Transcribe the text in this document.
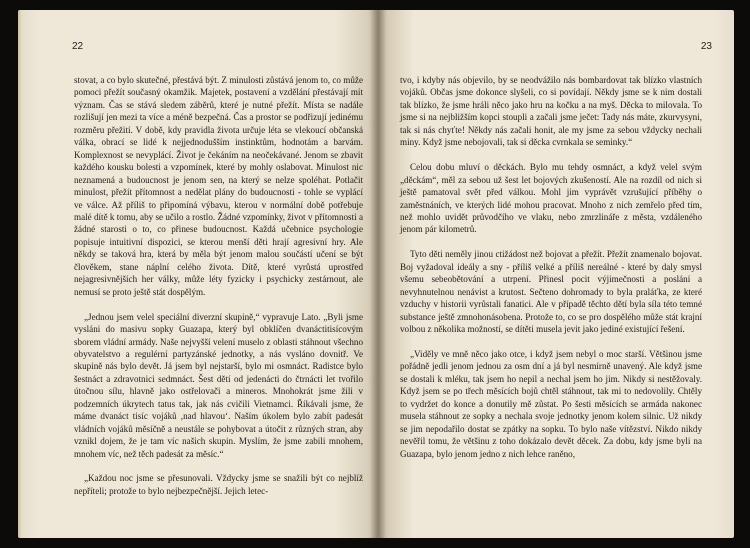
22

stovat, a co bylo skutečné, přestává být. Z minulosti zůstává jenom to, co může pomoci přežít současný okamžik. Majetek, postavení a vzdělání přestávají mít význam. Čas se stává sledem záběrů, které je nutné přežít. Místa se nadále rozlišují jen mezi ta více a méně bezpečná. Čas a prostor se podřizují jedinému rozměru přežití. V době, kdy pravidla života určuje léta se vlekoucí občanská válka, obrací se lidé k nejjednodušším instinktům, hodnotám a barvám. Komplexnost se nevyplácí. Život je čekáním na neočekávané. Jenom se zbavit každého kousku bolesti a vzpomínek, které by mohly oslabovat. Minulost nic neznamená a budoucnost je jenom sen, na který se nelze spoléhat. Potlačit minulost, přežít přítomnost a nedělat plány do budoucnosti - tohle se vyplácí ve válce. Až příliš to připomíná výbavu, kterou v normální době potřebuje malé dítě k tomu, aby se učilo a rostlo. Žádné vzpomínky, život v přítomnosti a žádné starosti o to, co přinese budoucnost. Každá učebnice psychologie popisuje intuitivní dispozici, se kterou menší děti hrají agresivní hry. Ale někdy se taková hra, která by měla být jenom malou součástí učení se být člověkem, stane náplní celého života. Dítě, které vyrůstá uprostřed nejagresivnějších her války, může léty fyzicky i psychicky zestárnout, ale nemusí se proto ještě stát dospělým.

„Jednou jsem velel speciální diverzní skupině,“ vypravuje Lato. „Byli jsme vysláni do masivu sopky Guazapa, který byl obklíčen dvanáctitisícovým sborem vládní armády. Naše nejvyšší velení muselo z oblasti stáhnout všechno obyvatelstvo a regulérní partyzánské jednotky, a nás vysláno dovnitř. Ve skupině nás bylo devět. Já jsem byl nejstarší, bylo mi osmnáct. Radistce bylo šestnáct a zdravotnici sedmnáct. Šest dětí od jedenácti do čtrnácti let tvořilo útočnou sílu, hlavně jako ostřelovači a mineros. Mnohokrát jsme žili v podzemních úkrytech tatus tak, jak nás cvičili Vietnamci. Říkávali jsme, že máme dvanáct tisíc vojáků ,nad hlavou‘. Naším úkolem bylo zabít padesát vládních vojáků měsíčně a neustále se pohybovat a útočit z různých stran, aby vznikl dojem, že je tam víc našich skupin. Myslím, že jsme zabili mnohem, mnohem víc, než těch padesát za měsíc.“

„Každou noc jsme se přesunovali. Vždycky jsme se snažili být co nejblíž nepříteli; protože to bylo nejbezpečnější. Jejich letec-

23

tvo, i kdyby nás objevilo, by se neodvážilo nás bombardovat tak blízko vlastních vojáků. Občas jsme dokonce slyšeli, co si povídají. Někdy jsme se k nim dostali tak blízko, že jsme hráli něco jako hru na kočku a na myš. Děcka to milovala. To jsme si na nejbližším kopci stoupli a začali jsme ječet: Tady nás máte, zkurvysyni, tak si nás chyťte! Někdy nás začali honit, ale my jsme za sebou vždycky nechali miny. Když jsme nebojovali, tak si děcka cvrnkala se seminky.“

Celou dobu mluví o děckách. Bylo mu tehdy osmnáct, a když velel svým „děckám“, měl za sebou už šest let bojových zkušeností. Ale na rozdíl od nich si ještě pamatoval svět před válkou. Mohl jim vyprávět vzrušující příběhy o zaměstnáních, ve kterých lidé mohou pracovat. Mnoho z nich zemřelo před tím, než mohlo uvidět průvodčího ve vlaku, nebo zmrzlináře z města, vzdáleného jenom pár kilometrů.

Tyto děti neměly jinou ctižádost než bojovat a přežít. Přežít znamenalo bojovat. Boj vyžadoval ideály a sny - příliš velké a příliš nereálné - které by daly smysl všemu sebeobětování a utrpení. Přinesl pocit výjimečnosti a poslání a nevyhnutelnou nenávist a krutost. Sečteno dohromady to byla praláťka, ze které vzduchy v historii vyrůstali fanatici. Ale v případě těchto dětí byla síla této temné substance ještě zmnohonásobena. Protože to, co se pro dospělého může stát krajní volbou z několika možností, se dítěti musela jevit jako jediné existující řešení.

„Viděly ve mně něco jako otce, i když jsem nebyl o moc starší. Většinou jsme pořádně jedli jenom jednou za osm dní a já byl nesmírně unavený. Ale když jsme se dostali k mléku, tak jsem ho nepil a nechal jsem ho jim. Nikdy si nestěžovaly. Když jsem se po třech měsících bojů chtěl stáhnout, tak mi to nedovolily. Chtěly to vydržet do konce a donutily mě zůstat. Po šesti měsících se armáda nakonec musela stáhnout ze sopky a nechala svoje jednotky jenom kolem silnic. Už nikdy se jim nepodařilo dostat se zpátky na sopku. To bylo naše vítězství. Nikdo nikdy nevěřil tomu, že většinu z toho dokázalo devět děcek. Za dobu, kdy jsme byli na Guazapa, bylo jenom jedno z nich lehce raněno,
